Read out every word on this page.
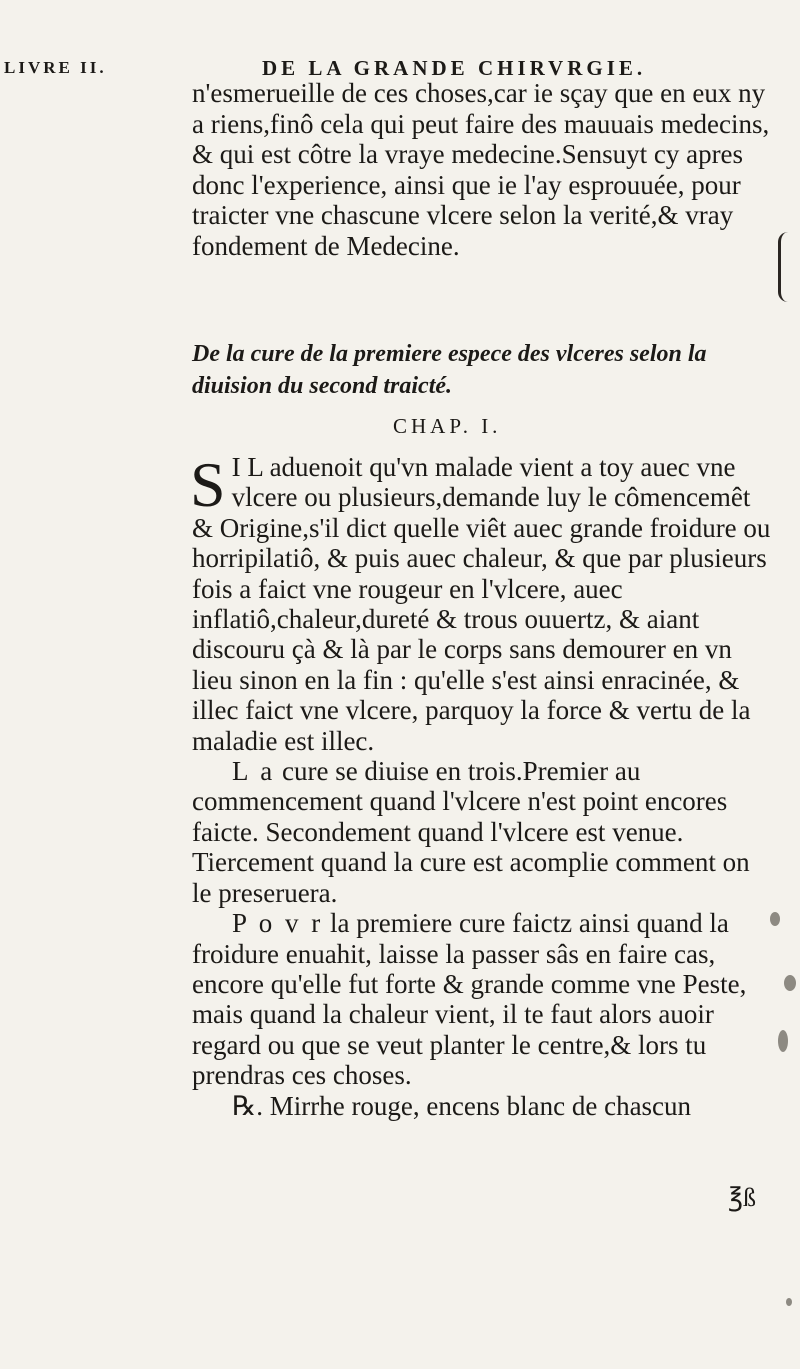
LIVRE II.	DE LA GRANDE CHIRVRGIE.

n'esmerueille de ces choses,car ie sçay que en eux ny a riens,finô cela qui peut faire des mauuais medecins, & qui est côtre la vraye medecine.Sensuyt cy apres donc l'experience, ainsi que ie l'ay esprouuée, pour traicter vne chascune vlcere selon la verité,& vray fondement de Medecine.

De la cure de la premiere espece des vlceres selon la diuision du second traicté.
CHAP. I.

S I L aduenoit qu'vn malade vient a toy auec vne vlcere ou plusieurs,demande luy le cômencemêt & Origine,s'il dict quelle viêt auec grande froidure ou horripilatiô, & puis auec chaleur, & que par plusieurs fois a faict vne rougeur en l'vlcere, auec inflatiô,chaleur,dureté & trous ouuertz, & aiant discouru çà & là par le corps sans demourer en vn lieu sinon en la fin : qu'elle s'est ainsi enracinée, & illec faict vne vlcere, parquoy la force & vertu de la maladie est illec.

L a cure se diuise en trois.Premier au commencement quand l'vlcere n'est point encores faicte. Secondement quand l'vlcere est venue. Tiercement quand la cure est acomplie comment on le preseruera.

P o v r la premiere cure faictz ainsi quand la froidure enuahit, laisse la passer sâs en faire cas, encore qu'elle fut forte & grande comme vne Peste, mais quand la chaleur vient, il te faut alors auoir regard ou que se veut planter le centre,& lors tu prendras ces choses.

℞. Mirrhe rouge, encens blanc de chascun

℥ß
